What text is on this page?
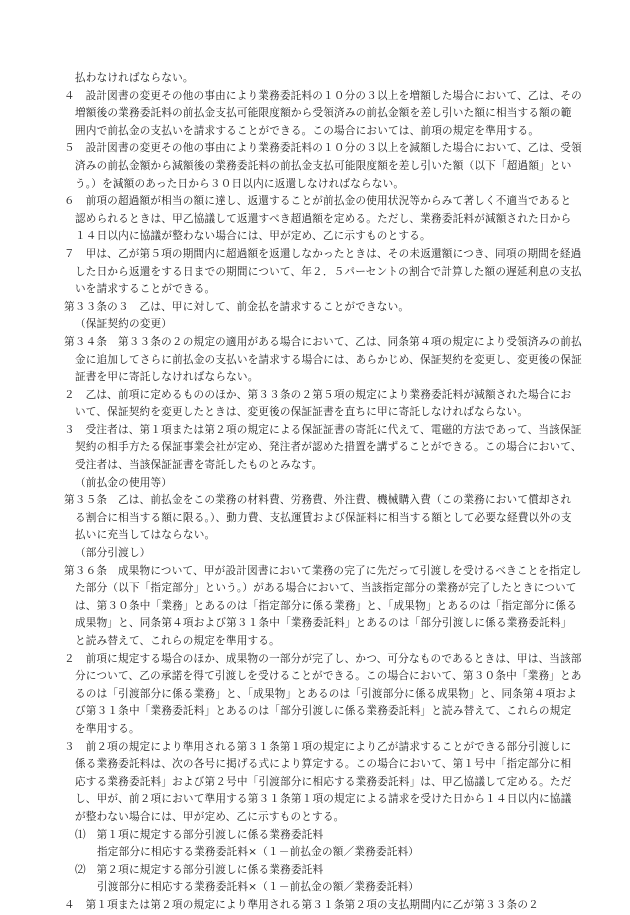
払わなければならない。

４　設計図書の変更その他の事由により業務委託料の１０分の３以上を増額した場合において、乙は、その増額後の業務委託料の前払金支払可能限度額から受領済みの前払金額を差し引いた額に相当する額の範囲内で前払金の支払いを請求することができる。この場合においては、前項の規定を準用する。

５　設計図書の変更その他の事由により業務委託料の１０分の３以上を減額した場合において、乙は、受領済みの前払金額から減額後の業務委託料の前払金支払可能限度額を差し引いた額（以下「超過額」という。）を減額のあった日から３０日以内に返還しなければならない。

６　前項の超過額が相当の額に達し、返還することが前払金の使用状況等からみて著しく不適当であると認められるときは、甲乙協議して返還すべき超過額を定める。ただし、業務委託料が減額された日から１４日以内に協議が整わない場合には、甲が定め、乙に示すものとする。

７　甲は、乙が第５項の期間内に超過額を返還しなかったときは、その未返還額につき、同項の期間を経過した日から返還をする日までの期間について、年２．５パーセントの割合で計算した額の遅延利息の支払いを請求することができる。

第３３条の３　乙は、甲に対して、前金払を請求することができない。

（保証契約の変更）

第３４条　第３３条の２の規定の適用がある場合において、乙は、同条第４項の規定により受領済みの前払金に追加してさらに前払金の支払いを請求する場合には、あらかじめ、保証契約を変更し、変更後の保証証書を甲に寄託しなければならない。

２　乙は、前項に定めるもののほか、第３３条の２第５項の規定により業務委託料が減額された場合において、保証契約を変更したときは、変更後の保証証書を直ちに甲に寄託しなければならない。

３　受注者は、第１項または第２項の規定による保証証書の寄託に代えて、電磁的方法であって、当該保証契約の相手方たる保証事業会社が定め、発注者が認めた措置を講ずることができる。この場合において、受注者は、当該保証証書を寄託したものとみなす。

（前払金の使用等）

第３５条　乙は、前払金をこの業務の材料費、労務費、外注費、機械購入費（この業務において償却される割合に相当する額に限る。）、動力費、支払運賃および保証料に相当する額として必要な経費以外の支払いに充当してはならない。

（部分引渡し）

第３６条　成果物について、甲が設計図書において業務の完了に先だって引渡しを受けるべきことを指定した部分（以下「指定部分」という。）がある場合において、当該指定部分の業務が完了したときについては、第３０条中「業務」とあるのは「指定部分に係る業務」と、「成果物」とあるのは「指定部分に係る成果物」と、同条第４項および第３１条中「業務委託料」とあるのは「部分引渡しに係る業務委託料」と読み替えて、これらの規定を準用する。

２　前項に規定する場合のほか、成果物の一部分が完了し、かつ、可分なものであるときは、甲は、当該部分について、乙の承諾を得て引渡しを受けることができる。この場合において、第３０条中「業務」とあるのは「引渡部分に係る業務」と、「成果物」とあるのは「引渡部分に係る成果物」と、同条第４項および第３１条中「業務委託料」とあるのは「部分引渡しに係る業務委託料」と読み替えて、これらの規定を準用する。

３　前２項の規定により準用される第３１条第１項の規定により乙が請求することができる部分引渡しに係る業務委託料は、次の各号に掲げる式により算定する。この場合において、第１号中「指定部分に相応する業務委託料」および第２号中「引渡部分に相応する業務委託料」は、甲乙協議して定める。ただし、甲が、前２項において準用する第３１条第１項の規定による請求を受けた日から１４日以内に協議が整わない場合には、甲が定め、乙に示すものとする。

⑴　第１項に規定する部分引渡しに係る業務委託料

指定部分に相応する業務委託料×（１－前払金の額／業務委託料）

⑵　第２項に規定する部分引渡しに係る業務委託料

引渡部分に相応する業務委託料×（１－前払金の額／業務委託料）

４　第１項または第２項の規定により準用される第３１条第２項の支払期間内に乙が第３３条の２
